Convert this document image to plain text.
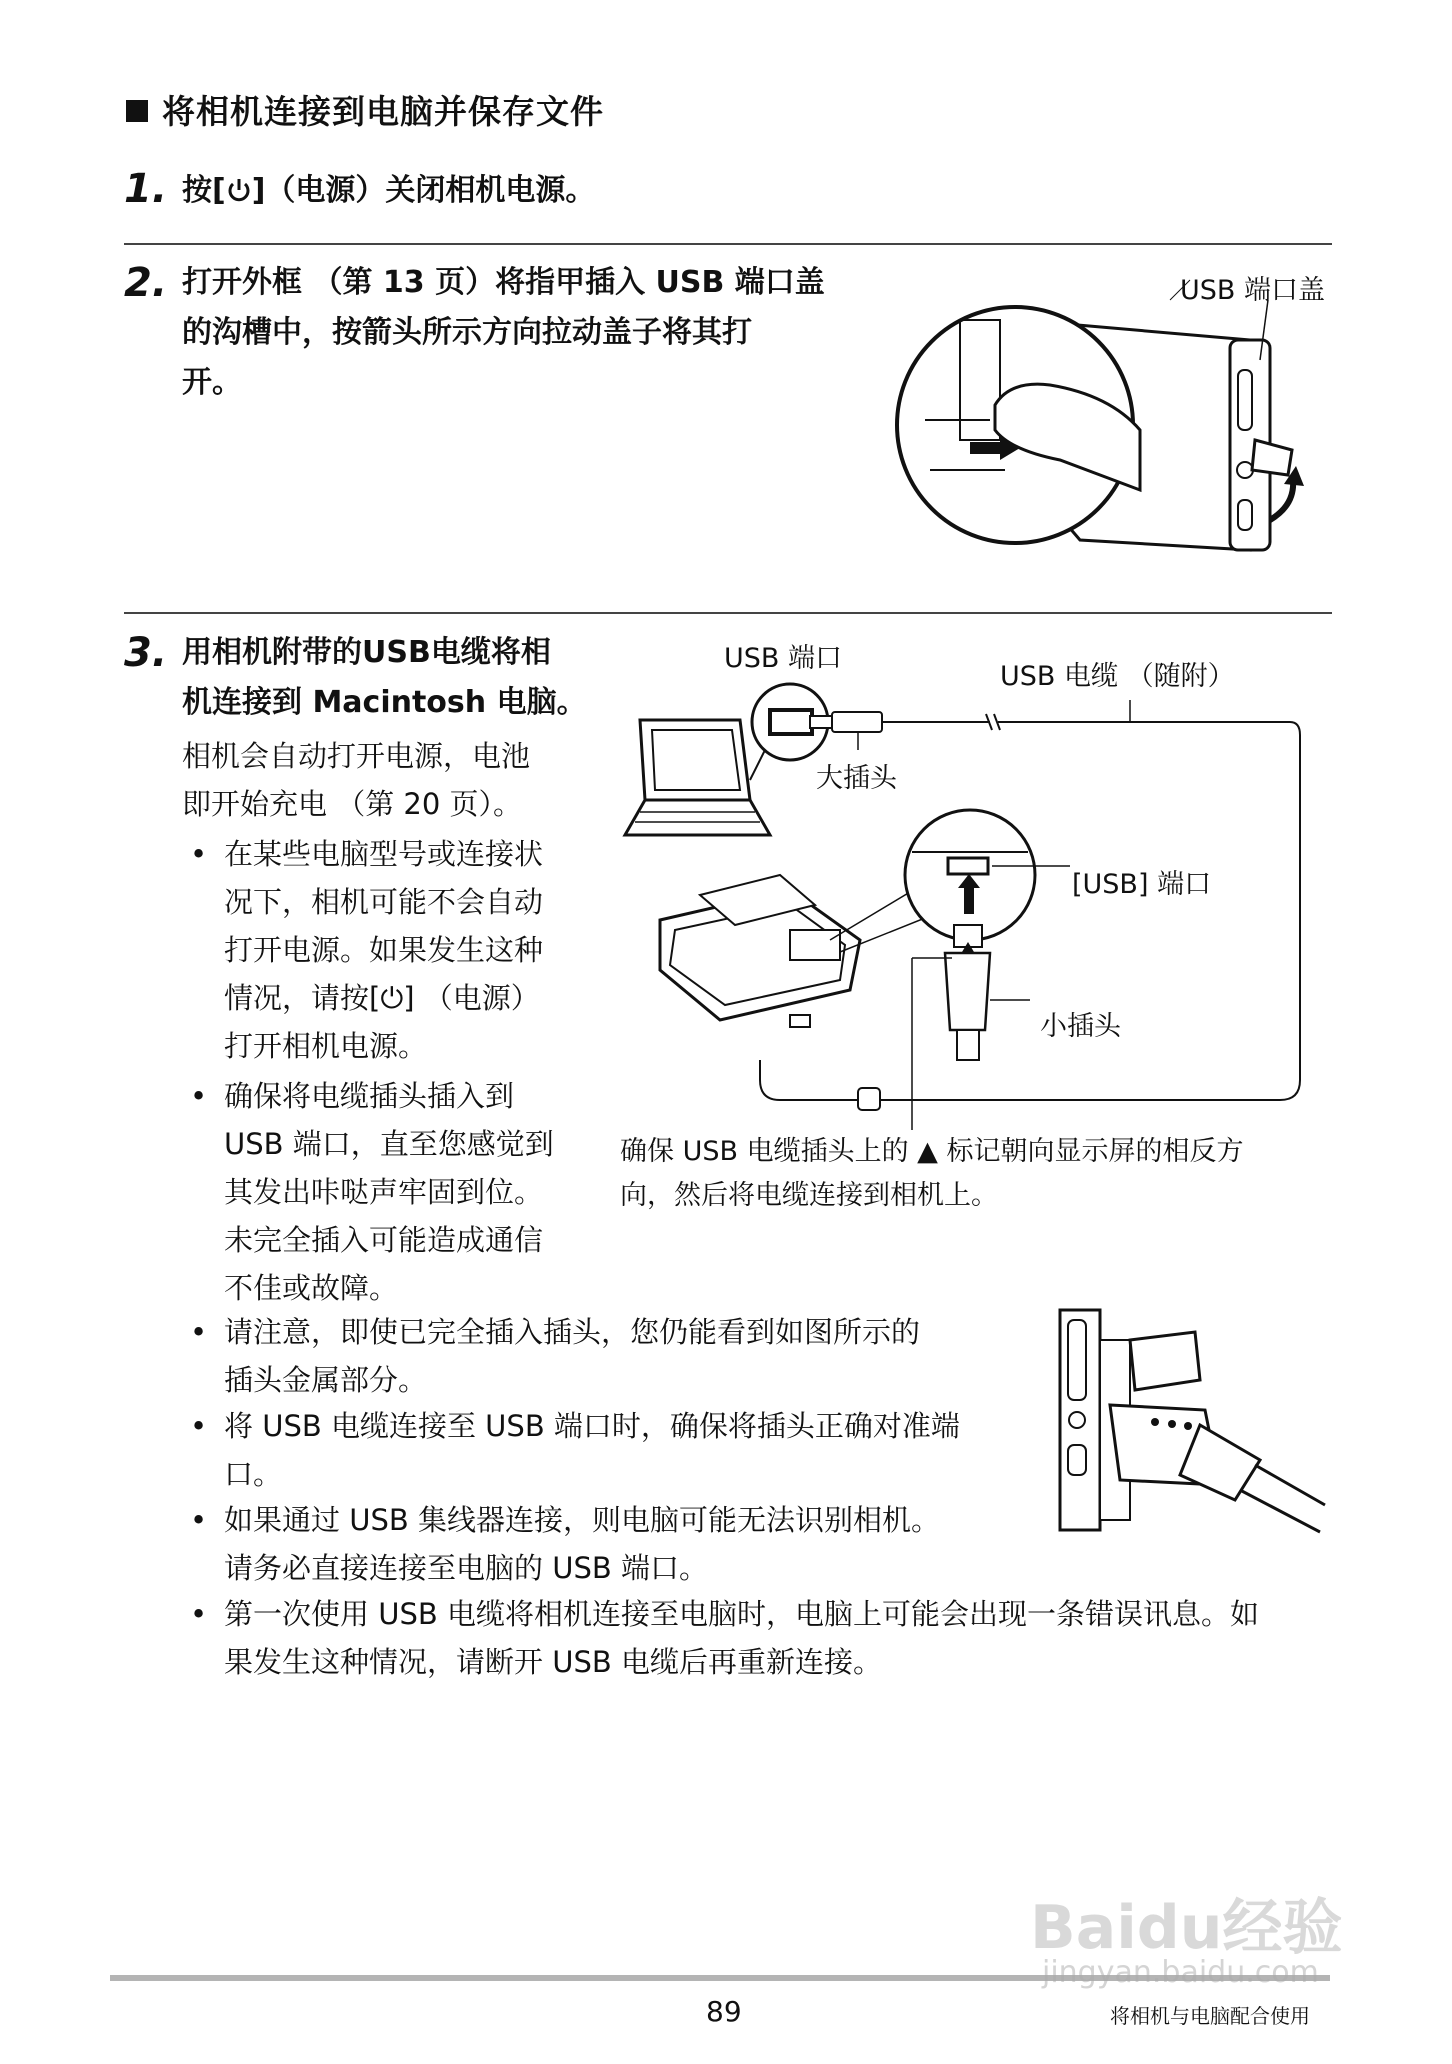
将相机连接到电脑并保存文件
1. 按[ ]（电源）关闭相机电源。
2. 打开外框 （第 13 页）将指甲插入 USB 端口盖
的沟槽中，按箭头所示方向拉动盖子将其打
开。
USB 端口盖
3. 用相机附带的USB电缆将相
机连接到 Macintosh 电脑。
相机会自动打开电源，电池
即开始充电 （第 20 页）。
• 在某些电脑型号或连接状
况下，相机可能不会自动
打开电源。如果发生这种
情况，请按[⏻] （电源）
打开相机电源。
• 确保将电缆插头插入到
USB 端口，直至您感觉到
其发出咔哒声牢固到位。
未完全插入可能造成通信
不佳或故障。
USB 端口
USB 电缆 （随附）
大插头
[USB] 端口
小插头
确保 USB 电缆插头上的 ▲ 标记朝向显示屏的相反方
向，然后将电缆连接到相机上。
• 请注意，即使已完全插入插头，您仍能看到如图所示的
插头金属部分。
• 将 USB 电缆连接至 USB 端口时，确保将插头正确对准端
口。
• 如果通过 USB 集线器连接，则电脑可能无法识别相机。
请务必直接连接至电脑的 USB 端口。
• 第一次使用 USB 电缆将相机连接至电脑时，电脑上可能会出现一条错误讯息。如
果发生这种情况，请断开 USB 电缆后再重新连接。
89	将相机与电脑配合使用
Baidu经验
jingyan.baidu.com
